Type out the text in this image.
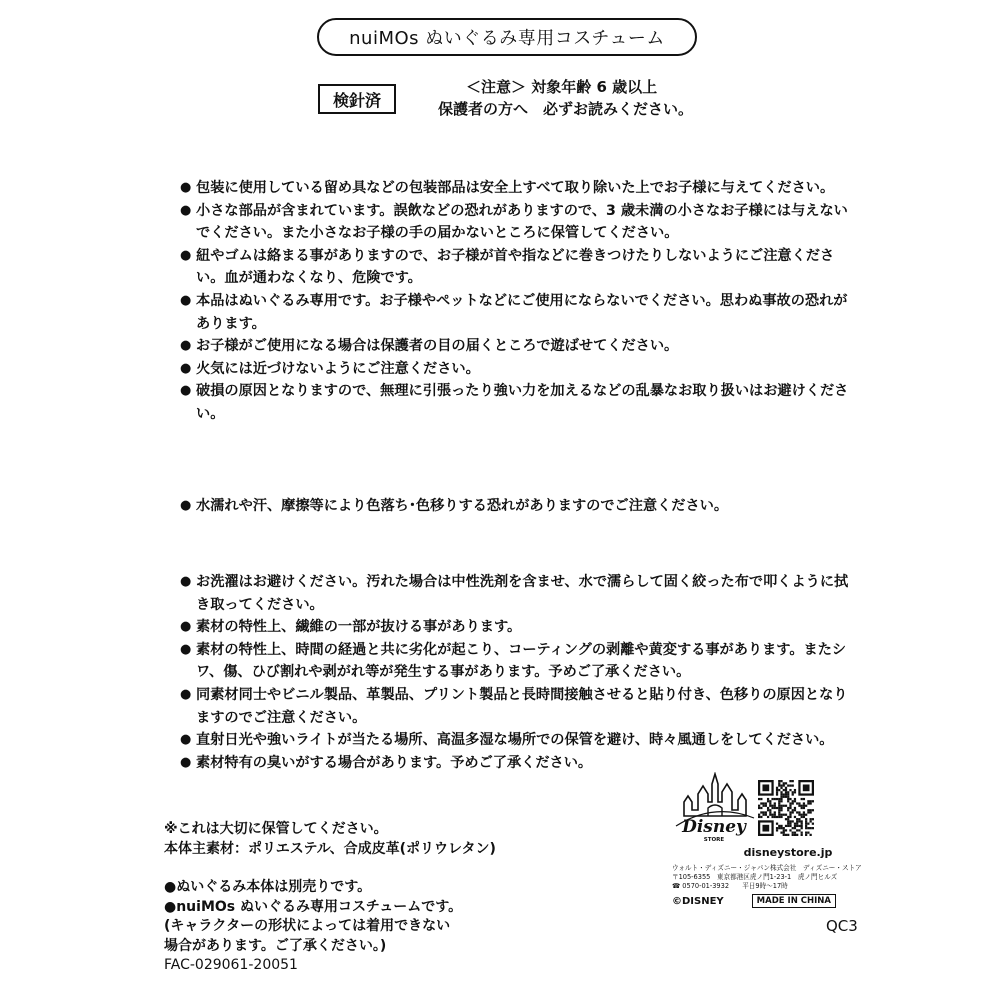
nuiMOs ぬいぐるみ専用コスチューム
検針済
＜注意＞ 対象年齢 6 歳以上
保護者の方へ　必ずお読みください。
● 包装に使用している留め具などの包装部品は安全上すべて取り除いた上でお子様に与えてください。
● 小さな部品が含まれています。誤飲などの恐れがありますので、3 歳未満の小さなお子様には与えないでください。また小さなお子様の手の届かないところに保管してください。
● 紐やゴムは絡まる事がありますので、お子様が首や指などに巻きつけたりしないようにご注意ください。血が通わなくなり、危険です。
● 本品はぬいぐるみ専用です。お子様やペットなどにご使用にならないでください。思わぬ事故の恐れがあります。
● お子様がご使用になる場合は保護者の目の届くところで遊ばせてください。
● 火気には近づけないようにご注意ください。
● 破損の原因となりますので、無理に引張ったり強い力を加えるなどの乱暴なお取り扱いはお避けください。
● 水濡れや汗、摩擦等により色落ち･色移りする恐れがありますのでご注意ください。
● お洗濯はお避けください。汚れた場合は中性洗剤を含ませ、水で濡らして固く絞った布で叩くように拭き取ってください。
● 素材の特性上、繊維の一部が抜ける事があります。
● 素材の特性上、時間の経過と共に劣化が起こり、コーティングの剥離や黄変する事があります。またシワ、傷、ひび割れや剥がれ等が発生する事があります。予めご了承ください。
● 同素材同士やビニル製品、革製品、プリント製品と長時間接触させると貼り付き、色移りの原因となりますのでご注意ください。
● 直射日光や強いライトが当たる場所、高温多湿な場所での保管を避け、時々風通しをしてください。
● 素材特有の臭いがする場合があります。予めご了承ください。
※これは大切に保管してください。
本体主素材：ポリエステル、合成皮革(ポリウレタン)
●ぬいぐるみ本体は別売りです。
●nuiMOs ぬいぐるみ専用コスチュームです。
(キャラクターの形状によっては着用できない
場合があります。ご了承ください。)
FAC-029061-20051
Disney
STORE
disneystore.jp
ウォルト・ディズニー・ジャパン株式会社　ディズニー・ストア
〒105-6355　東京都港区虎ノ門1-23-1　虎ノ門ヒルズ
☎ 0570-01-3932　　平日9時～17時
©DISNEY	MADE IN CHINA
QC3
